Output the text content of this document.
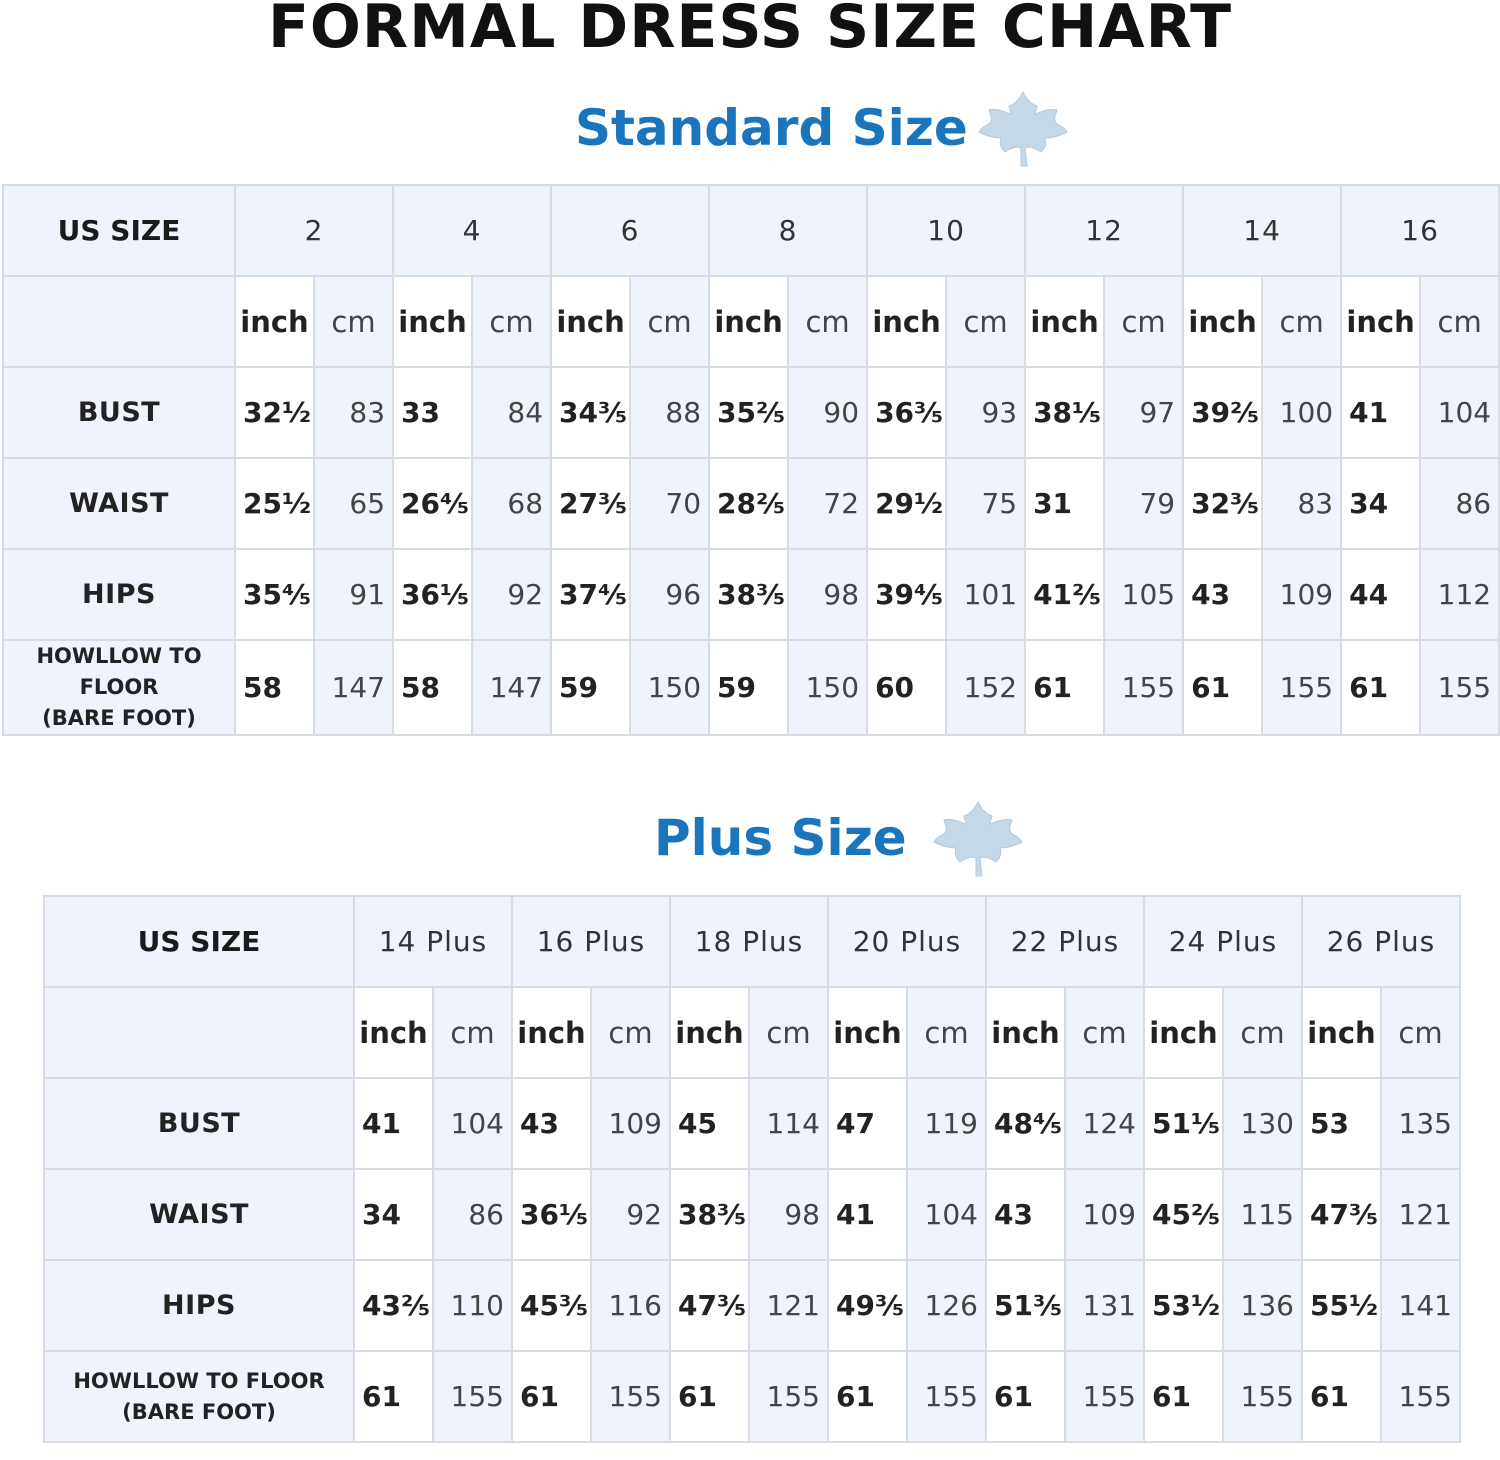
FORMAL DRESS SIZE CHART
Standard Size
US SIZE	2		4		6		8		10		12		14		16	
	inch	cm	inch	cm	inch	cm	inch	cm	inch	cm	inch	cm	inch	cm	inch	cm
BUST	32½	83	33	84	34⅗	88	35⅖	90	36⅗	93	38⅕	97	39⅖	100	41	104
WAIST	25½	65	26⅘	68	27⅗	70	28⅖	72	29½	75	31	79	32⅗	83	34	86
HIPS	35⅘	91	36⅕	92	37⅘	96	38⅗	98	39⅘	101	41⅖	105	43	109	44	112

HOWLLOW TO
FLOOR
(BARE FOOT)	58	147	58	147	59	150	59	150	60	152	61	155	61	155	61	155
Plus Size
US SIZE	14 Plus		16 Plus		18 Plus		20 Plus		22 Plus		24 Plus		26 Plus	
	inch	cm	inch	cm	inch	cm	inch	cm	inch	cm	inch	cm	inch	cm
BUST	41	104	43	109	45	114	47	119	48⅘	124	51⅕	130	53	135
WAIST	34	86	36⅕	92	38⅗	98	41	104	43	109	45⅖	115	47⅗	121
HIPS	43⅖	110	45⅗	116	47⅗	121	49⅗	126	51⅗	131	53½	136	55½	141

HOWLLOW TO FLOOR
(BARE FOOT)	61	155	61	155	61	155	61	155	61	155	61	155	61	155
